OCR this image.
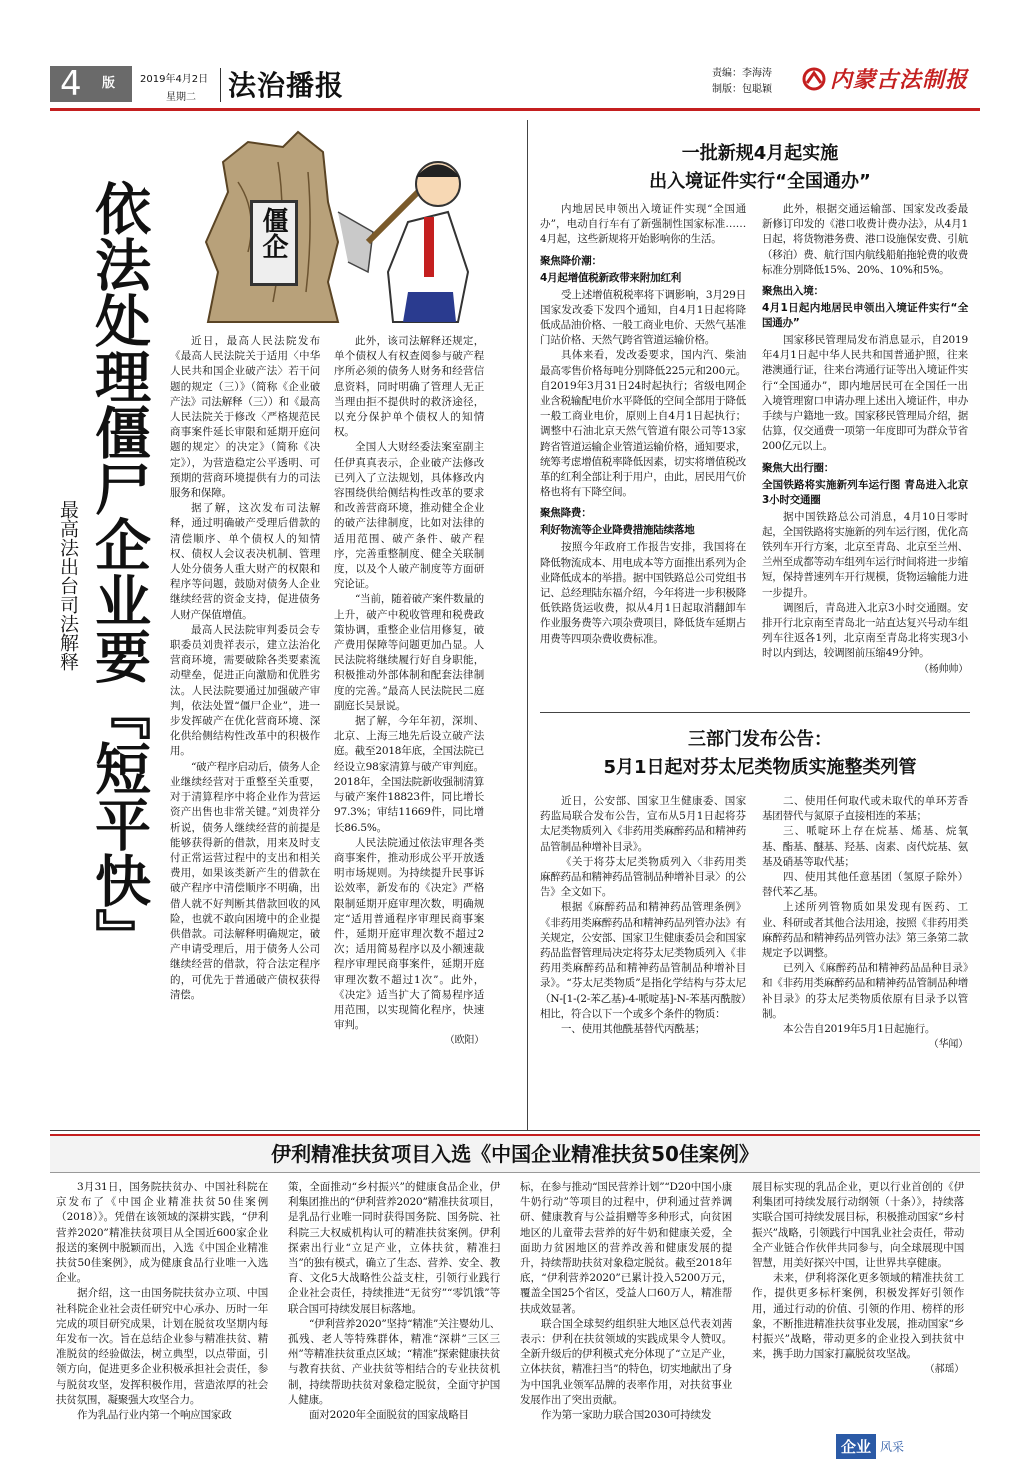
4 版 2019年4月2日
星期二 法治播报	责编：李海涛
制版：包聪颖	内蒙古法制报
依法处理僵尸企业要『短平快』
最高法出台司法解释
僵企

近日，最高人民法院发布《最高人民法院关于适用〈中华人民共和国企业破产法〉若干问题的规定（三）》（简称《企业破产法》司法解释（三））和《最高人民法院关于修改〈严格规范民商事案件延长审限和延期开庭问题的规定〉的决定》（简称《决定》），为营造稳定公平透明、可预期的营商环境提供有力的司法服务和保障。

据了解，这次发布司法解释，通过明确破产受理后借款的清偿顺序、单个债权人的知情权、债权人会议表决机制、管理人处分债务人重大财产的权限和程序等问题，鼓励对债务人企业继续经营的资金支持，促进债务人财产保值增值。

最高人民法院审判委员会专职委员刘贵祥表示，建立法治化营商环境，需要破除各类要素流动壁垒，促进正向激励和优胜劣汰。人民法院要通过加强破产审判，依法处置“僵尸企业”，进一步发挥破产在优化营商环境、深化供给侧结构性改革中的积极作用。

“破产程序启动后，债务人企业继续经营对于重整至关重要，对于清算程序中将企业作为营运资产出售也非常关键。”刘贵祥分析说，债务人继续经营的前提是能够获得新的借款，用来及时支付正常运营过程中的支出和相关费用，如果该类新产生的借款在破产程序中清偿顺序不明确，出借人就不好判断其借款回收的风险，也就不敢向困境中的企业提供借款。司法解释明确规定，破产申请受理后，用于债务人公司继续经营的借款，符合法定程序的，可优先于普通破产债权获得清偿。

此外，该司法解释还规定，单个债权人有权查阅参与破产程序所必须的债务人财务和经营信息资料，同时明确了管理人无正当理由拒不提供时的救济途径，以充分保护单个债权人的知情权。

全国人大财经委法案室副主任伊真真表示，企业破产法修改已列入了立法规划，具体修改内容围绕供给侧结构性改革的要求和改善营商环境，推动健全企业的破产法律制度，比如对法律的适用范围、破产条件、破产程序，完善重整制度、健全关联制度，以及个人破产制度等方面研究论证。

“当前，随着破产案件数量的上升，破产中税收管理和税费政策协调，重整企业信用修复，破产费用保障等问题更加凸显。人民法院将继续履行好自身职能，积极推动外部体制和配套法律制度的完善。”最高人民法院民二庭副庭长吴景说。

据了解，今年年初，深圳、北京、上海三地先后设立破产法庭。截至2018年底，全国法院已经设立98家清算与破产审判庭。2018年，全国法院新收强制清算与破产案件18823件，同比增长97.3%；审结11669件，同比增长86.5%。

人民法院通过依法审理各类商事案件，推动形成公平开放透明市场规则。为持续提升民事诉讼效率，新发布的《决定》严格限制延期开庭审理次数，明确规定“适用普通程序审理民商事案件，延期开庭审理次数不超过2次；适用简易程序以及小额速裁程序审理民商事案件，延期开庭审理次数不超过1次”。此外，《决定》适当扩大了简易程序适用范围，以实现简化程序，快速审判。

（欧阳）
一批新规4月起实施
出入境证件实行“全国通办”

内地居民申领出入境证件实现“全国通办”，电动自行车有了新强制性国家标准……4月起，这些新规将开始影响你的生活。

聚焦降价潮：
4月起增值税新政带来附加红利

受上述增值税税率将下调影响，3月29日国家发改委下发四个通知，自4月1日起将降低成品油价格、一般工商业电价、天然气基准门站价格、天然气跨省管道运输价格。

具体来看，发改委要求，国内汽、柴油最高零售价格每吨分别降低225元和200元。自2019年3月31日24时起执行；省级电网企业含税输配电价水平降低的空间全部用于降低一般工商业电价，原则上自4月1日起执行；调整中石油北京天然气管道有限公司等13家跨省管道运输企业管道运输价格，通知要求，统筹考虑增值税率降低因素，切实将增值税改革的红利全部让利于用户，由此，居民用气价格也将有下降空间。

聚焦降费：
利好物流等企业降费措施陆续落地

按照今年政府工作报告安排，我国将在降低物流成本、用电成本等方面推出系列为企业降低成本的举措。据中国铁路总公司党组书记、总经理陆东福介绍，今年将进一步积极降低铁路货运收费，拟从4月1日起取消翻卸车作业服务费等六项杂费项目，降低货车延期占用费等四项杂费收费标准。

此外，根据交通运输部、国家发改委最新修订印发的《港口收费计费办法》，从4月1日起，将货物港务费、港口设施保安费、引航（移泊）费、航行国内航线船舶拖轮费的收费标准分别降低15%、20%、10%和5%。

聚焦出入境：
4月1日起内地居民申领出入境证件实行“全国通办”

国家移民管理局发布消息显示，自2019年4月1日起中华人民共和国普通护照，往来港澳通行证，往来台湾通行证等出入境证件实行“全国通办”，即内地居民可在全国任一出入境管理窗口申请办理上述出入境证件，申办手续与户籍地一致。国家移民管理局介绍，据估算，仅交通费一项第一年度即可为群众节省200亿元以上。

聚焦大出行圈：
全国铁路将实施新列车运行图 青岛进入北京3小时交通圈

据中国铁路总公司消息，4月10日零时起，全国铁路将实施新的列车运行图，优化高铁列车开行方案，北京至青岛、北京至兰州、兰州至成都等动车组列车运行时间将进一步缩短，保持普速列车开行规模，货物运输能力进一步提升。

调图后，青岛进入北京3小时交通圈。安排开行北京南至青岛北一站直达复兴号动车组列车往返各1列，北京南至青岛北将实现3小时以内到达，较调图前压缩49分钟。

（杨帅帅）
三部门发布公告：
5月1日起对芬太尼类物质实施整类列管

近日，公安部、国家卫生健康委、国家药监局联合发布公告，宣布从5月1日起将芬太尼类物质列入《非药用类麻醉药品和精神药品管制品种增补目录》。

《关于将芬太尼类物质列入〈非药用类麻醉药品和精神药品管制品种增补目录〉的公告》全文如下。

根据《麻醉药品和精神药品管理条例》《非药用类麻醉药品和精神药品列管办法》有关规定，公安部、国家卫生健康委员会和国家药品监督管理局决定将芬太尼类物质列入《非药用类麻醉药品和精神药品管制品种增补目录》。“芬太尼类物质”是指化学结构与芬太尼（N-[1-(2-苯乙基)-4-哌啶基]-N-苯基丙酰胺）相比，符合以下一个或多个条件的物质：

一、使用其他酰基替代丙酰基；

二、使用任何取代或未取代的单环芳香基团替代与氮原子直接相连的苯基；

三、哌啶环上存在烷基、烯基、烷氧基、酯基、醚基、羟基、卤素、卤代烷基、氨基及硝基等取代基；

四、使用其他任意基团（氢原子除外）替代苯乙基。

上述所列管物质如果发现有医药、工业、科研或者其他合法用途，按照《非药用类麻醉药品和精神药品列管办法》第三条第二款规定予以调整。

已列入《麻醉药品和精神药品品种目录》和《非药用类麻醉药品和精神药品管制品种增补目录》的芬太尼类物质依原有目录予以管制。

本公告自2019年5月1日起施行。

（华闻）
伊利精准扶贫项目入选《中国企业精准扶贫50佳案例》

3月31日，国务院扶贫办、中国社科院在京发布了《中国企业精准扶贫50佳案例（2018）》。凭借在该领域的深耕实践，“伊利营养2020”精准扶贫项目从全国近600家企业报送的案例中脱颖而出，入选《中国企业精准扶贫50佳案例》，成为健康食品行业唯一入选企业。

据介绍，这一由国务院扶贫办立项、中国社科院企业社会责任研究中心承办、历时一年完成的项目研究成果，计划在脱贫攻坚期内每年发布一次。旨在总结企业参与精准扶贫、精准脱贫的经验做法，树立典型，以点带面，引领方向，促进更多企业积极承担社会责任，参与脱贫攻坚，发挥积极作用，营造浓厚的社会扶贫氛围，凝聚强大攻坚合力。

作为乳品行业内第一个响应国家政

策，全面推动“乡村振兴”的健康食品企业，伊利集团推出的“伊利营养2020”精准扶贫项目，是乳品行业唯一同时获得国务院、国务院、社科院三大权威机构认可的精准扶贫案例。伊利探索出行业“立足产业，立体扶贫，精准扫当”的独有模式，确立了生态、营养、安全、教育、文化5大战略性公益支柱，引领行业践行企业社会责任，持续推进“无贫穷”“零饥饿”等联合国可持续发展目标落地。

“伊利营养2020”坚持“精准”关注婴幼儿、孤残、老人等特殊群体，精准“深耕”三区三州”等精准扶贫重点区域；“精准”探索健康扶贫与教育扶贫、产业扶贫等相结合的专业扶贫机制，持续帮助扶贫对象稳定脱贫，全面守护国人健康。

面对2020年全面脱贫的国家战略目

标，在参与推动“国民营养计划”“D20中国小康牛奶行动”等项目的过程中，伊利通过营养调研、健康教育与公益捐赠等多种形式，向贫困地区的儿童带去营养的好牛奶和健康关爱，全面助力贫困地区的营养改善和健康发展的提升，持续帮助扶贫对象稳定脱贫。截至2018年底，“伊利营养2020”已累计投入5200万元，覆盖全国25个省区，受益人口60万人，精准帮扶成效显著。

联合国全球契约组织驻大地区总代表刘茜表示：伊利在扶贫领域的实践成果令人赞叹。全新升级后的伊利模式充分体现了“立足产业，立体扶贫，精准扫当”的特色，切实地献出了身为中国乳业领军品牌的表率作用，对扶贫事业发展作出了突出贡献。

作为第一家助力联合国2030可持续发

展目标实现的乳品企业，更以行业首创的《伊利集团可持续发展行动纲领（十条）》，持续落实联合国可持续发展目标，积极推动国家“乡村振兴”战略，引领践行中国乳业社会责任，带动全产业链合作伙伴共同参与，向全球展现中国智慧，用美好探兴中国，让世界共享健康。

未来，伊利将深化更多领域的精准扶贫工作，提供更多标杆案例，积极发挥好引领作用，通过行动的价值、引领的作用、榜样的形象，不断推进精准扶贫事业发展，推动国家“乡村振兴”战略，带动更多的企业投入到扶贫中来，携手助力国家打赢脱贫攻坚战。

（郝瑶）
企业 风采
